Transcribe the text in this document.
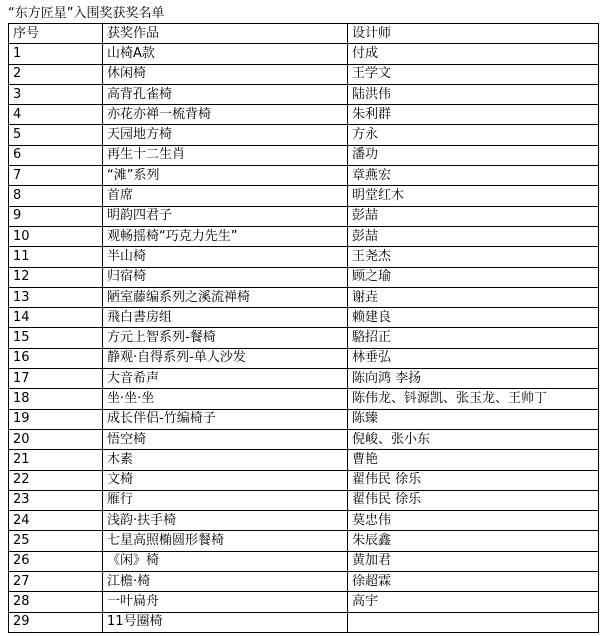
“东方匠星”入围奖获奖名单
序号	获奖作品	设计师
1	山椅A款	付成
2	休闲椅	王学文
3	高背孔雀椅	陆洪伟
4	亦花亦禅一梳背椅	朱利群
5	天园地方椅	方永
6	再生十二生肖	潘功
7	“滩”系列	章燕宏
8	首席	明堂红木
9	明韵四君子	彭喆
10	观畅摇椅“巧克力先生”	彭喆
11	半山椅	王尧杰
12	归宿椅	顾之瑜
13	陋室藤编系列之溪流禅椅	谢垚
14	飛白書房组	赖建良
15	方元上智系列-餐椅	駱招正
16	静观·自得系列-单人沙发	林垂弘
17	大音希声	陈向鸿 李扬
18	坐·坐·坐	陈伟龙、钭源凯、张玉龙、王帅丁
19	成长伴侣-竹编椅子	陈臻
20	悟空椅	倪峻、张小东
21	木素	曹艳
22	文椅	翟伟民 徐乐
23	雁行	翟伟民 徐乐
24	浅韵·扶手椅	莫忠伟
25	七星高照椭圆形餐椅	朱辰鑫
26	《闲》椅	黄加君
27	江檐·椅	徐超霖
28	一叶扁舟	高宇
29	11号圈椅	
